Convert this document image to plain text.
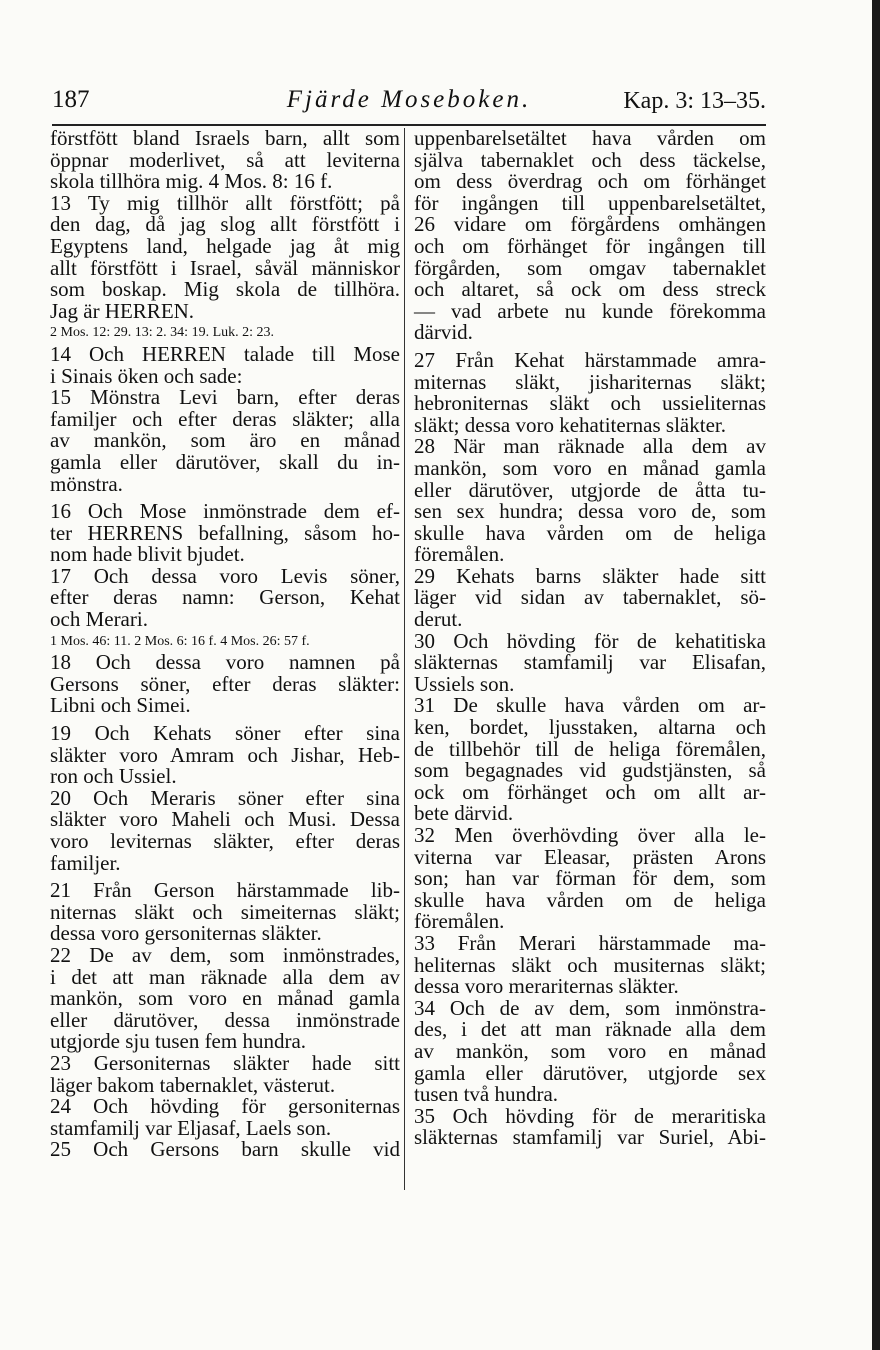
187	Fjärde Moseboken.	Kap. 3: 13–35.
förstfött bland Israels barn, allt som
öppnar moderlivet, så att leviterna
skola tillhöra mig. 4 Mos. 8: 16 f.
13 Ty mig tillhör allt förstfött; på
den dag, då jag slog allt förstfött i
Egyptens land, helgade jag åt mig
allt förstfött i Israel, såväl människor
som boskap. Mig skola de tillhöra.
Jag är HERREN.
2 Mos. 12: 29. 13: 2. 34: 19. Luk. 2: 23.
14 Och HERREN talade till Mose
i Sinais öken och sade:
15 Mönstra Levi barn, efter deras
familjer och efter deras släkter; alla
av mankön, som äro en månad
gamla eller därutöver, skall du in-
mönstra.
16 Och Mose inmönstrade dem ef-
ter HERRENS befallning, såsom ho-
nom hade blivit bjudet.
17 Och dessa voro Levis söner,
efter deras namn: Gerson, Kehat
och Merari.
1 Mos. 46: 11. 2 Mos. 6: 16 f. 4 Mos. 26: 57 f.
18 Och dessa voro namnen på
Gersons söner, efter deras släkter:
Libni och Simei.
19 Och Kehats söner efter sina
släkter voro Amram och Jishar, Heb-
ron och Ussiel.
20 Och Meraris söner efter sina
släkter voro Maheli och Musi. Dessa
voro leviternas släkter, efter deras
familjer.
21 Från Gerson härstammade lib-
niternas släkt och simeiternas släkt;
dessa voro gersoniternas släkter.
22 De av dem, som inmönstrades,
i det att man räknade alla dem av
mankön, som voro en månad gamla
eller därutöver, dessa inmönstrade
utgjorde sju tusen fem hundra.
23 Gersoniternas släkter hade sitt
läger bakom tabernaklet, västerut.
24 Och hövding för gersoniternas
stamfamilj var Eljasaf, Laels son.
25 Och Gersons barn skulle vid
uppenbarelsetältet hava vården om
själva tabernaklet och dess täckelse,
om dess överdrag och om förhänget
för ingången till uppenbarelsetältet,
26 vidare om förgårdens omhängen
och om förhänget för ingången till
förgården, som omgav tabernaklet
och altaret, så ock om dess streck
— vad arbete nu kunde förekomma
därvid.
27 Från Kehat härstammade amra-
miternas släkt, jishariternas släkt;
hebroniternas släkt och ussieliternas
släkt; dessa voro kehatiternas släkter.
28 När man räknade alla dem av
mankön, som voro en månad gamla
eller därutöver, utgjorde de åtta tu-
sen sex hundra; dessa voro de, som
skulle hava vården om de heliga
föremålen.
29 Kehats barns släkter hade sitt
läger vid sidan av tabernaklet, sö-
derut.
30 Och hövding för de kehatitiska
släkternas stamfamilj var Elisafan,
Ussiels son.
31 De skulle hava vården om ar-
ken, bordet, ljusstaken, altarna och
de tillbehör till de heliga föremålen,
som begagnades vid gudstjänsten, så
ock om förhänget och om allt ar-
bete därvid.
32 Men överhövding över alla le-
viterna var Eleasar, prästen Arons
son; han var förman för dem, som
skulle hava vården om de heliga
föremålen.
33 Från Merari härstammade ma-
heliternas släkt och musiternas släkt;
dessa voro merariternas släkter.
34 Och de av dem, som inmönstra-
des, i det att man räknade alla dem
av mankön, som voro en månad
gamla eller därutöver, utgjorde sex
tusen två hundra.
35 Och hövding för de meraritiska
släkternas stamfamilj var Suriel, Abi-
